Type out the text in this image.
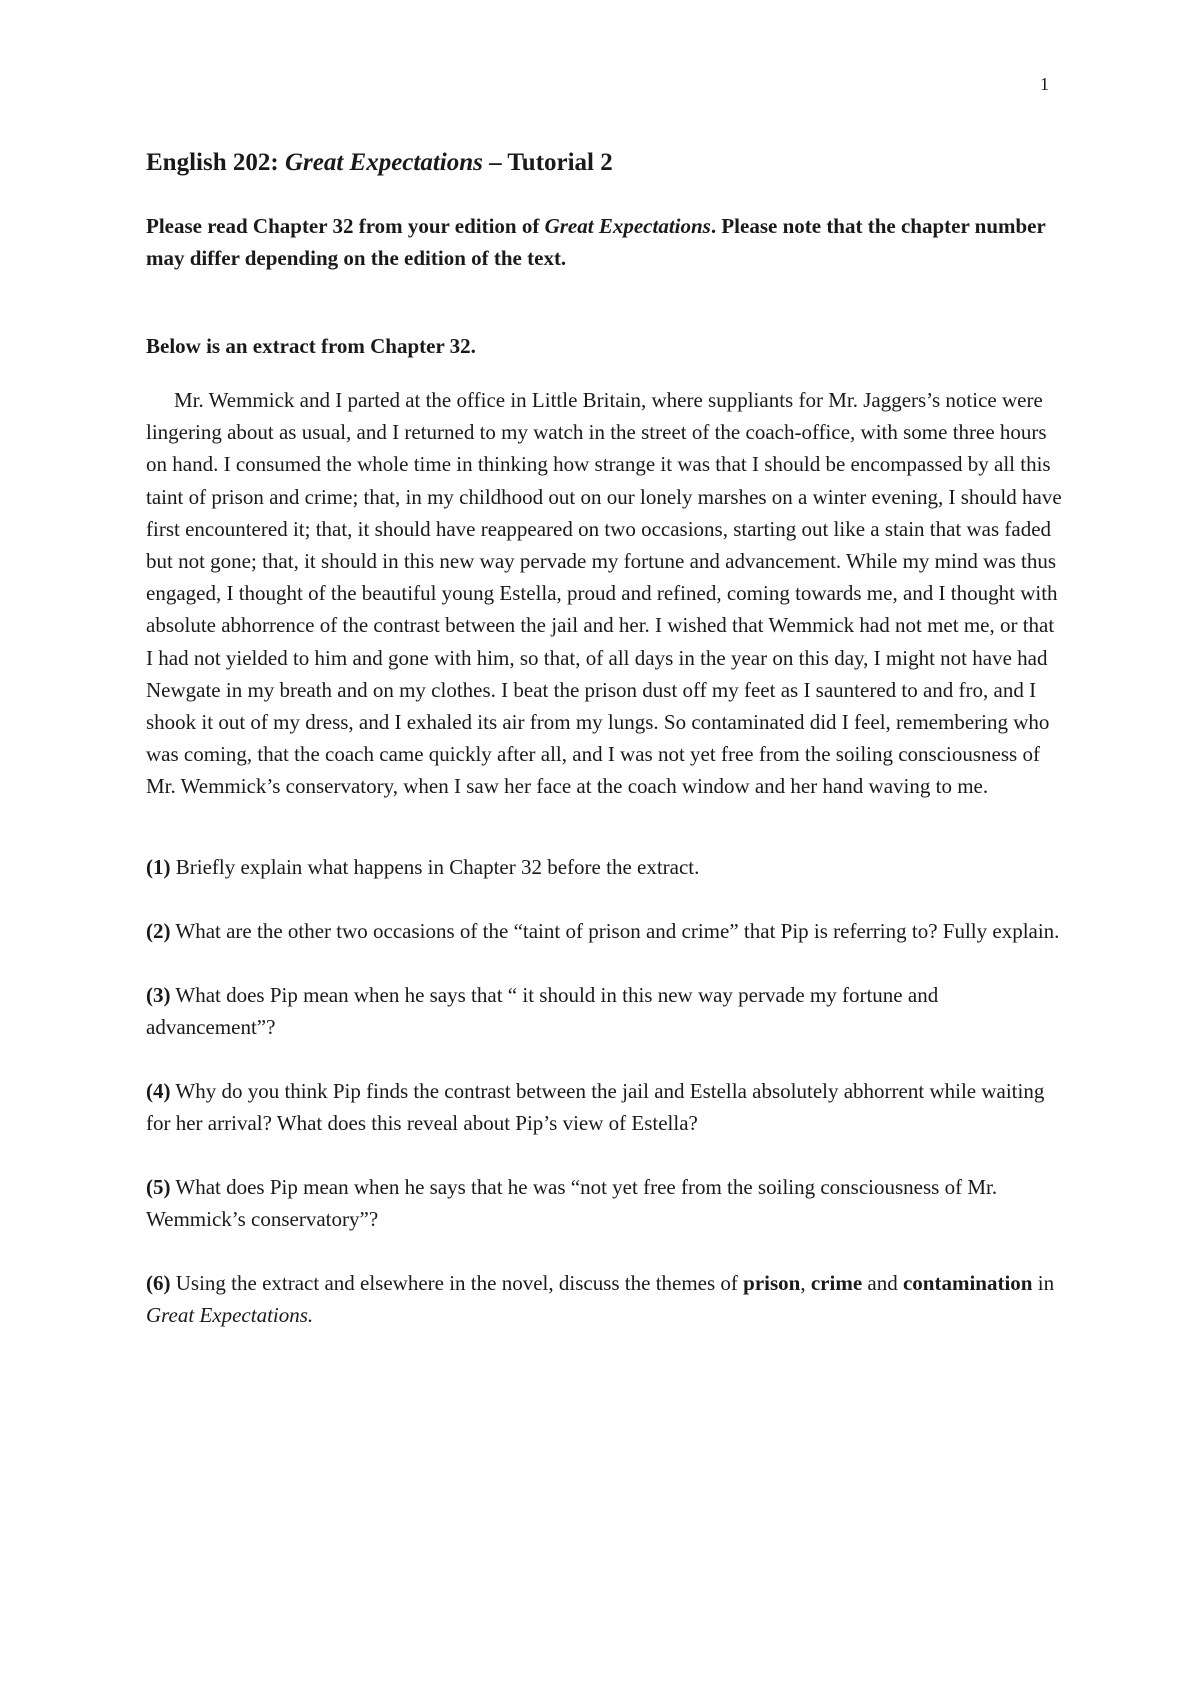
1
English 202: Great Expectations – Tutorial 2

Please read Chapter 32 from your edition of Great Expectations. Please note that the chapter number may differ depending on the edition of the text.

Below is an extract from Chapter 32.

Mr. Wemmick and I parted at the office in Little Britain, where suppliants for Mr. Jaggers’s notice were lingering about as usual, and I returned to my watch in the street of the coach-office, with some three hours on hand. I consumed the whole time in thinking how strange it was that I should be encompassed by all this taint of prison and crime; that, in my childhood out on our lonely marshes on a winter evening, I should have first encountered it; that, it should have reappeared on two occasions, starting out like a stain that was faded but not gone; that, it should in this new way pervade my fortune and advancement. While my mind was thus engaged, I thought of the beautiful young Estella, proud and refined, coming towards me, and I thought with absolute abhorrence of the contrast between the jail and her. I wished that Wemmick had not met me, or that I had not yielded to him and gone with him, so that, of all days in the year on this day, I might not have had Newgate in my breath and on my clothes. I beat the prison dust off my feet as I sauntered to and fro, and I shook it out of my dress, and I exhaled its air from my lungs. So contaminated did I feel, remembering who was coming, that the coach came quickly after all, and I was not yet free from the soiling consciousness of Mr. Wemmick’s conservatory, when I saw her face at the coach window and her hand waving to me.

(1) Briefly explain what happens in Chapter 32 before the extract.

(2) What are the other two occasions of the “taint of prison and crime” that Pip is referring to? Fully explain.

(3) What does Pip mean when he says that “ it should in this new way pervade my fortune and advancement”?

(4) Why do you think Pip finds the contrast between the jail and Estella absolutely abhorrent while waiting for her arrival? What does this reveal about Pip’s view of Estella?

(5) What does Pip mean when he says that he was “not yet free from the soiling consciousness of Mr. Wemmick’s conservatory”?

(6) Using the extract and elsewhere in the novel, discuss the themes of prison, crime and contamination in Great Expectations.
